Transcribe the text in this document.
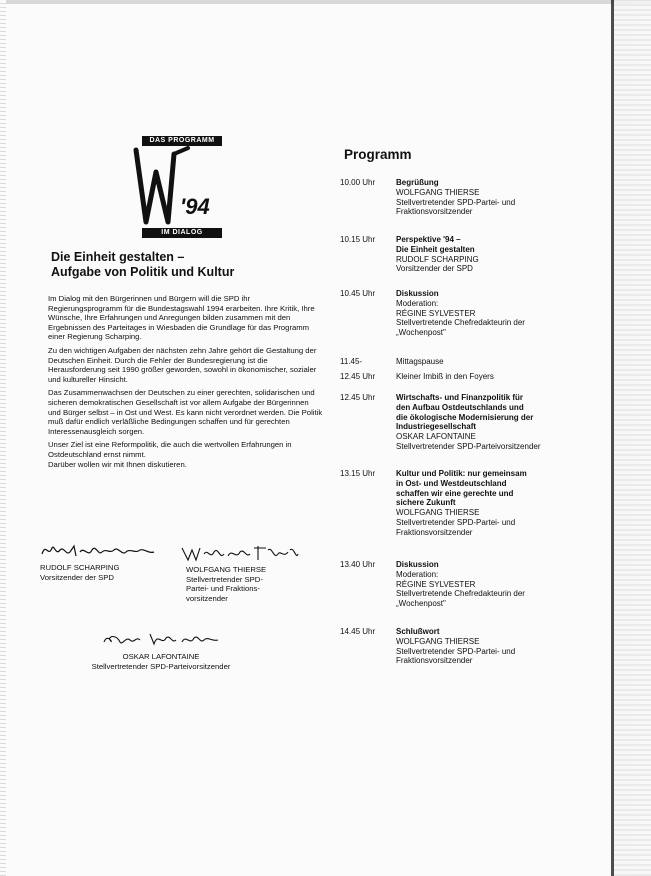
DAS PROGRAMM
'94
IM DIALOG
Die Einheit gestalten –
Aufgabe von Politik und Kultur

Im Dialog mit den Bürgerinnen und Bürgern will die SPD ihr Regierungsprogramm für die Bundestagswahl 1994 erarbeiten. Ihre Kritik, Ihre Wünsche, Ihre Erfahrungen und Anregungen bilden zusammen mit den Ergebnissen des Parteitages in Wiesbaden die Grundlage für das Programm einer Regierung Scharping.

Zu den wichtigen Aufgaben der nächsten zehn Jahre gehört die Gestaltung der Deutschen Einheit. Durch die Fehler der Bundesregierung ist die Herausforderung seit 1990 größer geworden, sowohl in ökonomischer, sozialer und kultureller Hinsicht.

Das Zusammenwachsen der Deutschen zu einer gerechten, solidarischen und sicheren demokratischen Gesellschaft ist vor allem Aufgabe der Bürgerinnen und Bürger selbst – in Ost und West. Es kann nicht verordnet werden. Die Politik muß dafür endlich verläßliche Bedingungen schaffen und für gerechten Interessenausgleich sorgen.

Unser Ziel ist eine Reformpolitik, die auch die wertvollen Erfahrungen in Ostdeutschland ernst nimmt.

Darüber wollen wir mit Ihnen diskutieren.

RUDOLF SCHARPING
Vorsitzender der SPD
WOLFGANG THIERSE
Stellvertretender SPD-
Partei- und Fraktions-
vorsitzender
OSKAR LAFONTAINE
Stellvertretender SPD-Parteivorsitzender
Programm
10.00 Uhr	Begrüßung
WOLFGANG THIERSE
Stellvertretender SPD-Partei- und
Fraktionsvorsitzender
10.15 Uhr	Perspektive '94 –
Die Einheit gestalten
RUDOLF SCHARPING
Vorsitzender der SPD
10.45 Uhr	Diskussion
Moderation:
RÉGINE SYLVESTER
Stellvertretende Chefredakteurin der
„Wochenpost"
11.45-	Mittagspause
12.45 Uhr	Kleiner Imbiß in den Foyers
12.45 Uhr	Wirtschafts- und Finanzpolitik für
den Aufbau Ostdeutschlands und
die ökologische Modernisierung der
Industriegesellschaft
OSKAR LAFONTAINE
Stellvertretender SPD-Parteivorsitzender
13.15 Uhr	Kultur und Politik: nur gemeinsam
in Ost- und Westdeutschland
schaffen wir eine gerechte und
sichere Zukunft
WOLFGANG THIERSE
Stellvertretender SPD-Partei- und
Fraktionsvorsitzender
13.40 Uhr	Diskussion
Moderation:
RÉGINE SYLVESTER
Stellvertretende Chefredakteurin der
„Wochenpost"
14.45 Uhr	Schlußwort
WOLFGANG THIERSE
Stellvertretender SPD-Partei- und
Fraktionsvorsitzender
